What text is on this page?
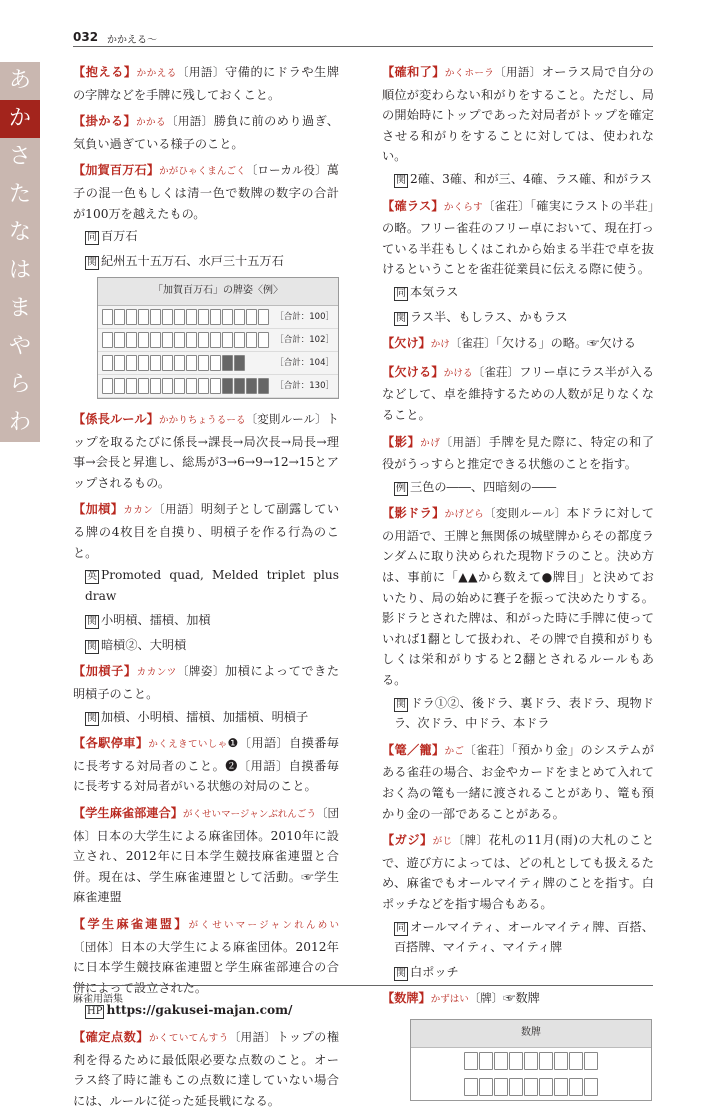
032 かかえる〜
あ
か
さ
た
な
は
ま
や
ら
わ
【抱える】かかえる〔用語〕守備的にドラや生牌の字牌などを手牌に残しておくこと。
【掛かる】かかる〔用語〕勝負に前のめり過ぎ、気負い過ぎている様子のこと。
【加賀百万石】かがひゃくまんごく〔ローカル役〕萬子の混一色もしくは清一色で数牌の数字の合計が100万を越えたもの。
同 百万石
関 紀州五十五万石、水戸三十五万石
「加賀百万石」の牌姿〈例〉
［合計：100］
［合計：102］
［合計：104］
［合計：130］
【係長ルール】かかりちょうるーる〔変則ルール〕トップを取るたびに係長→課長→局次長→局長→理事→会長と昇進し、総馬が3→6→9→12→15とアップされるもの。
【加槓】カカン〔用語〕明刻子として副露している牌の4枚目を自摸り、明槓子を作る行為のこと。
英 Promoted quad, Melded triplet plus draw
関 小明槓、擂槓、加槓
関 暗槓②、大明槓
【加槓子】カカンツ〔牌姿〕加槓によってできた明槓子のこと。
関 加槓、小明槓、擂槓、加擂槓、明槓子
【各駅停車】かくえきていしゃ❶〔用語〕自摸番毎に長考する対局者のこと。❷〔用語〕自摸番毎に長考する対局者がいる状態の対局のこと。
【学生麻雀部連合】がくせいマージャンぶれんごう〔団体〕日本の大学生による麻雀団体。2010年に設立され、2012年に日本学生競技麻雀連盟と合併。現在は、学生麻雀連盟として活動。☞学生麻雀連盟
【学生麻雀連盟】がくせいマージャンれんめい〔団体〕日本の大学生による麻雀団体。2012年に日本学生競技麻雀連盟と学生麻雀部連合の合併によって設立された。
HP https://gakusei-majan.com/
【確定点数】かくていてんすう〔用語〕トップの権利を得るために最低限必要な点数のこと。オーラス終了時に誰もこの点数に達していない場合には、ルールに従った延長戦になる。
【確和了】かくホーラ〔用語〕オーラス局で自分の順位が変わらない和がりをすること。ただし、局の開始時にトップであった対局者がトップを確定させる和がりをすることに対しては、使われない。
関 2確、3確、和が三、4確、ラス確、和がラス
【確ラス】かくらす〔雀荘〕「確実にラストの半荘」の略。フリー雀荘のフリー卓において、現在打っている半荘もしくはこれから始まる半荘で卓を抜けるということを雀荘従業員に伝える際に使う。
同 本気ラス
関 ラス半、もしラス、かもラス
【欠け】かけ〔雀荘〕「欠ける」の略。☞欠ける
【欠ける】かける〔雀荘〕フリー卓にラス半が入るなどして、卓を維持するための人数が足りなくなること。
【影】かげ〔用語〕手牌を見た際に、特定の和了役がうっすらと推定できる状態のことを指す。
例 三色の――、四暗刻の――
【影ドラ】かげどら〔変則ルール〕本ドラに対しての用語で、王牌と無関係の城壁牌からその都度ランダムに取り決められた現物ドラのこと。決め方は、事前に「▲▲から数えて●牌目」と決めておいたり、局の始めに賽子を振って決めたりする。影ドラとされた牌は、和がった時に手牌に使っていれば1翻として扱われ、その牌で自摸和がりもしくは栄和がりすると2翻とされるルールもある。
関 ドラ①②、後ドラ、裏ドラ、表ドラ、現物ドラ、次ドラ、中ドラ、本ドラ
【篭／籠】かご〔雀荘〕「預かり金」のシステムがある雀荘の場合、お金やカードをまとめて入れておく為の篭も一緒に渡されることがあり、篭も預かり金の一部であることがある。
【ガジ】がじ〔牌〕花札の11月(雨)の大札のことで、遊び方によっては、どの札としても扱えるため、麻雀でもオールマイティ牌のことを指す。白ポッチなどを指す場合もある。
同 オールマイティ、オールマイティ牌、百搭、百搭牌、マイティ、マイティ牌
関 白ポッチ
【数牌】かずはい〔牌〕☞数牌
数牌
麻雀用語集
